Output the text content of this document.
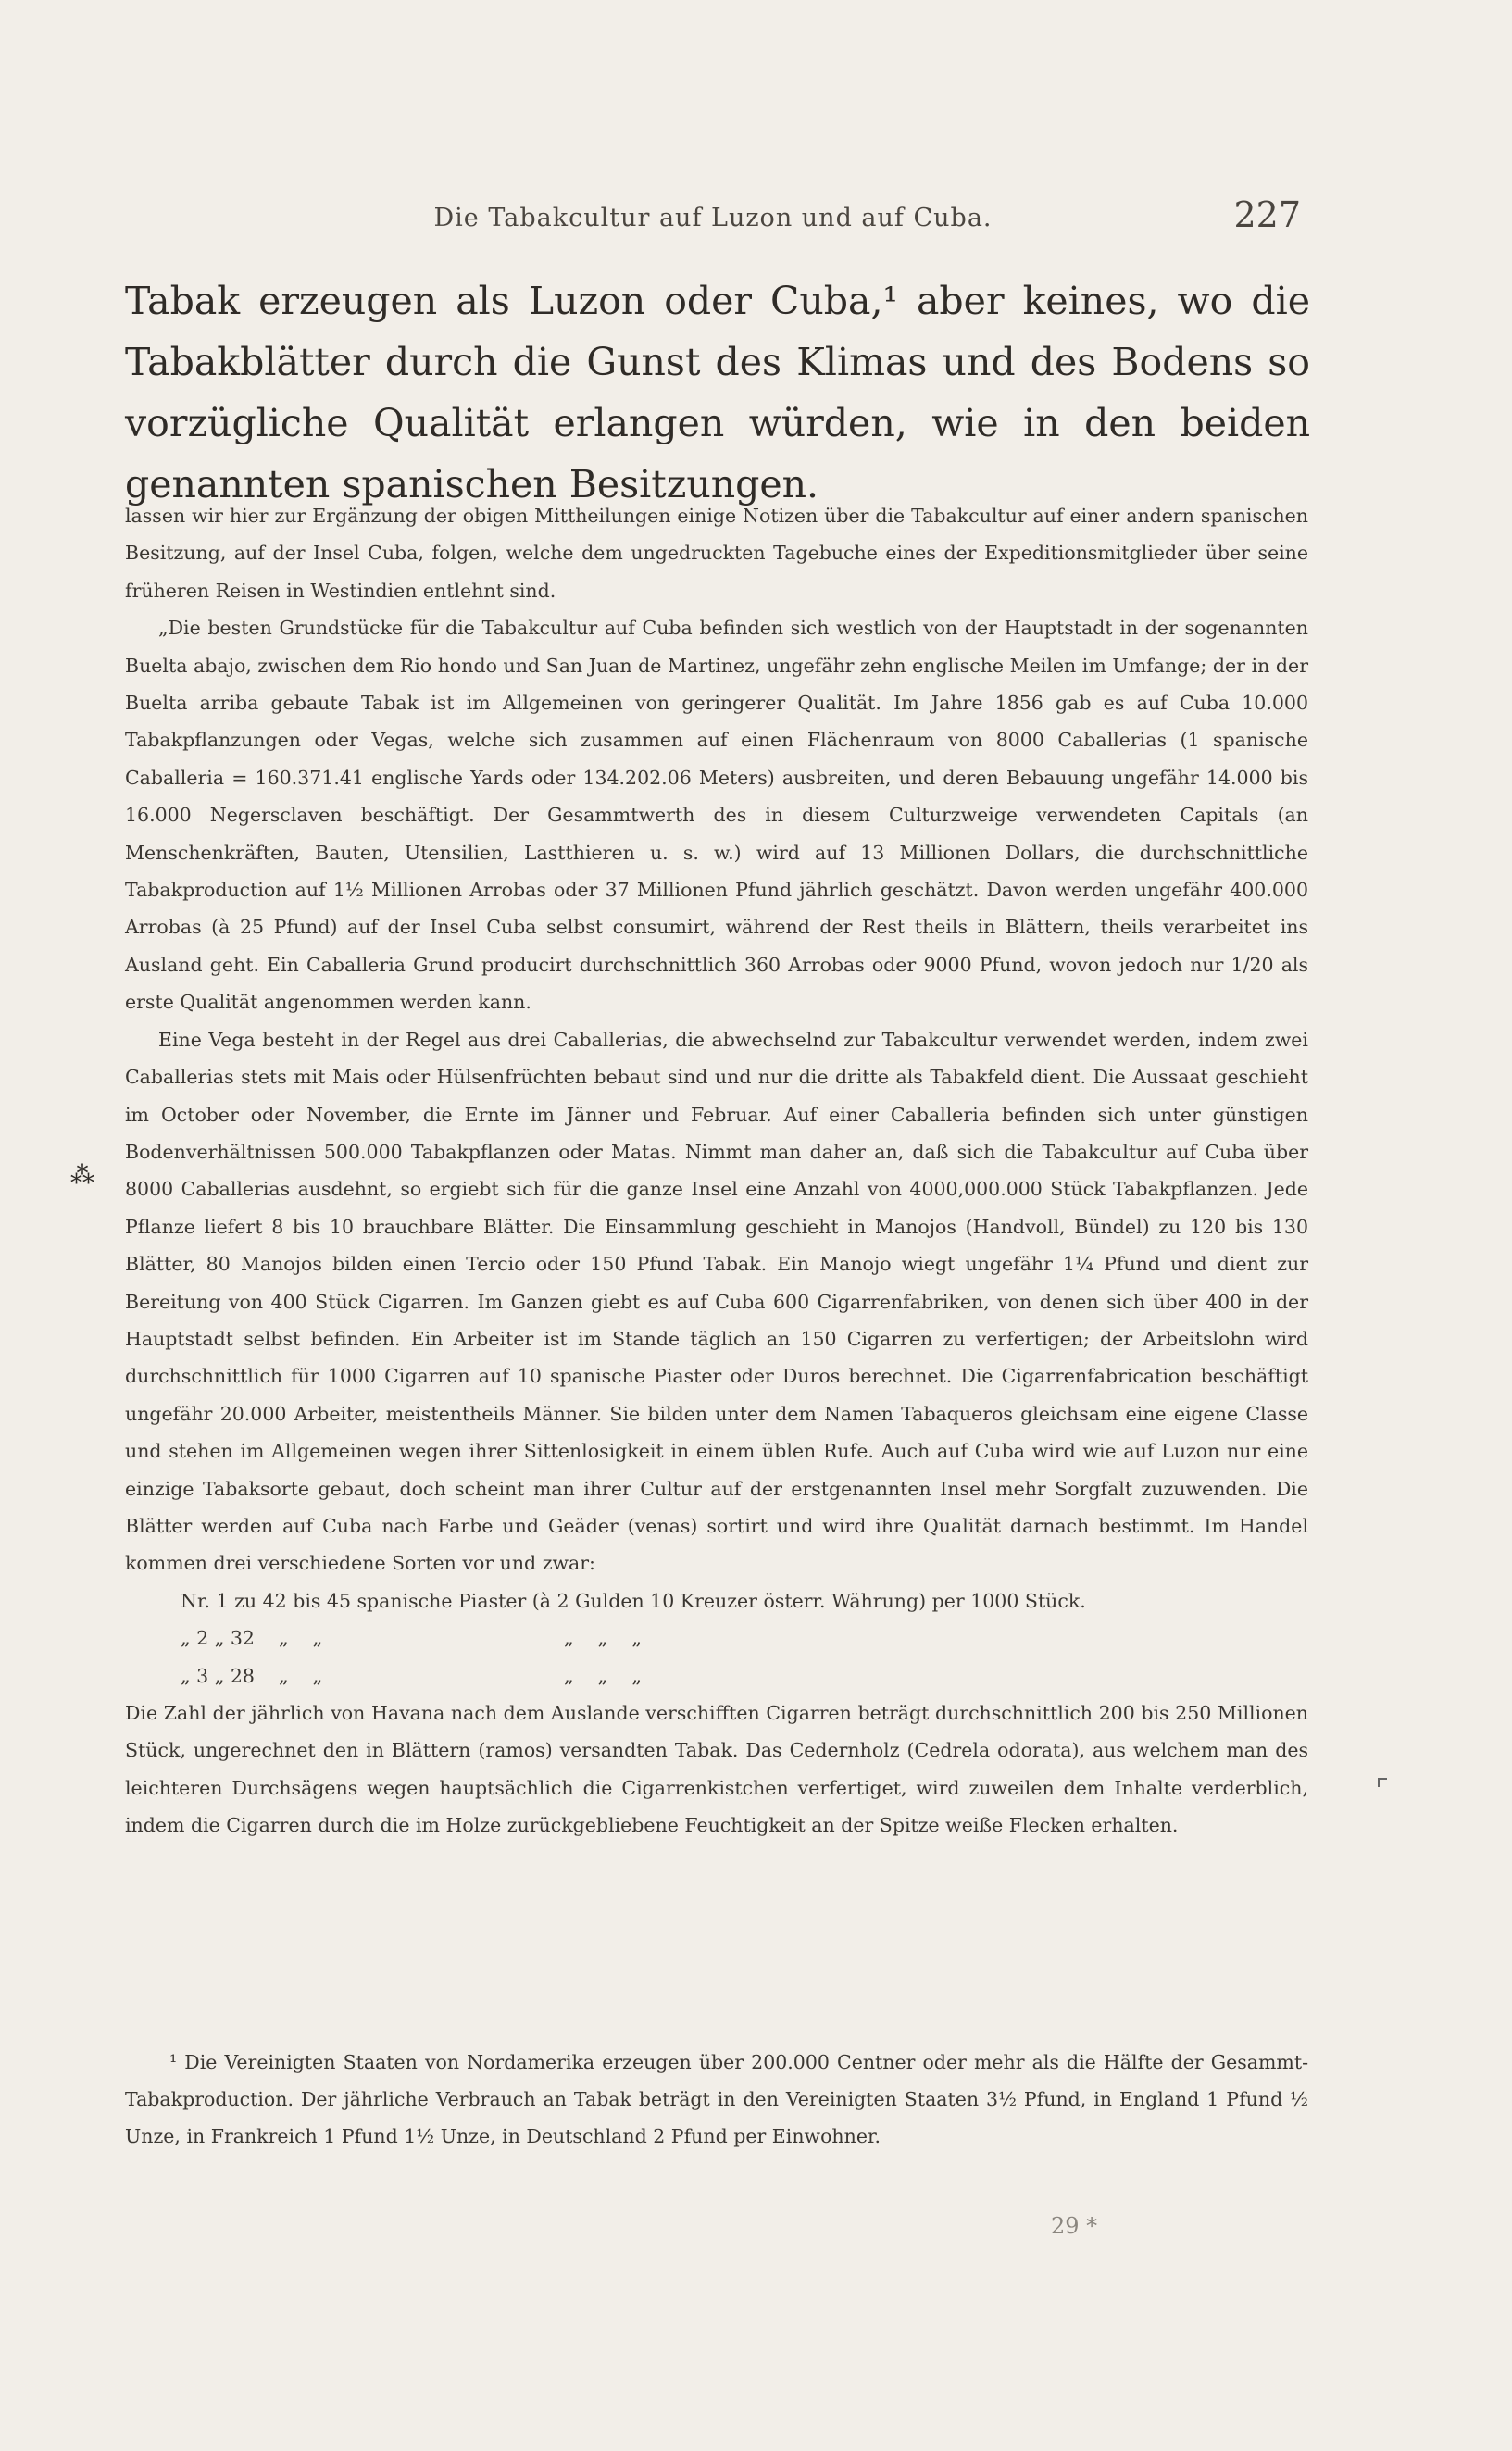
Die Tabakcultur auf Luzon und auf Cuba.	227
Tabak erzeugen als Luzon oder Cuba,¹ aber keines, wo die Tabakblätter durch die Gunst des Klimas und des Bodens so vorzügliche Qualität erlangen würden, wie in den beiden genannten spanischen Besitzungen.

lassen wir hier zur Ergänzung der obigen Mittheilungen einige Notizen über die Tabakcultur auf einer andern spanischen Besitzung, auf der Insel Cuba, folgen, welche dem ungedruckten Tagebuche eines der Expeditionsmitglieder über seine früheren Reisen in Westindien entlehnt sind.

„Die besten Grundstücke für die Tabakcultur auf Cuba befinden sich westlich von der Hauptstadt in der sogenannten Buelta abajo, zwischen dem Rio hondo und San Juan de Martinez, ungefähr zehn englische Meilen im Umfange; der in der Buelta arriba gebaute Tabak ist im Allgemeinen von geringerer Qualität. Im Jahre 1856 gab es auf Cuba 10.000 Tabakpflanzungen oder Vegas, welche sich zusammen auf einen Flächenraum von 8000 Caballerias (1 spanische Caballeria = 160.371.41 englische Yards oder 134.202.06 Meters) ausbreiten, und deren Bebauung ungefähr 14.000 bis 16.000 Negersclaven beschäftigt. Der Gesammtwerth des in diesem Culturzweige verwendeten Capitals (an Menschenkräften, Bauten, Utensilien, Lastthieren u. s. w.) wird auf 13 Millionen Dollars, die durchschnittliche Tabakproduction auf 1½ Millionen Arrobas oder 37 Millionen Pfund jährlich geschätzt. Davon werden ungefähr 400.000 Arrobas (à 25 Pfund) auf der Insel Cuba selbst consumirt, während der Rest theils in Blättern, theils verarbeitet ins Ausland geht. Ein Caballeria Grund producirt durchschnittlich 360 Arrobas oder 9000 Pfund, wovon jedoch nur 1/20 als erste Qualität angenommen werden kann.

Eine Vega besteht in der Regel aus drei Caballerias, die abwechselnd zur Tabakcultur verwendet werden, indem zwei Caballerias stets mit Mais oder Hülsenfrüchten bebaut sind und nur die dritte als Tabakfeld dient. Die Aussaat geschieht im October oder November, die Ernte im Jänner und Februar. Auf einer Caballeria befinden sich unter günstigen Bodenverhältnissen 500.000 Tabakpflanzen oder Matas. Nimmt man daher an, daß sich die Tabakcultur auf Cuba über 8000 Caballerias ausdehnt, so ergiebt sich für die ganze Insel eine Anzahl von 4000,000.000 Stück Tabakpflanzen. Jede Pflanze liefert 8 bis 10 brauchbare Blätter. Die Einsammlung geschieht in Manojos (Handvoll, Bündel) zu 120 bis 130 Blätter, 80 Manojos bilden einen Tercio oder 150 Pfund Tabak. Ein Manojo wiegt ungefähr 1¼ Pfund und dient zur Bereitung von 400 Stück Cigarren. Im Ganzen giebt es auf Cuba 600 Cigarrenfabriken, von denen sich über 400 in der Hauptstadt selbst befinden. Ein Arbeiter ist im Stande täglich an 150 Cigarren zu verfertigen; der Arbeitslohn wird durchschnittlich für 1000 Cigarren auf 10 spanische Piaster oder Duros berechnet. Die Cigarrenfabrication beschäftigt ungefähr 20.000 Arbeiter, meistentheils Männer. Sie bilden unter dem Namen Tabaqueros gleichsam eine eigene Classe und stehen im Allgemeinen wegen ihrer Sittenlosigkeit in einem üblen Rufe. Auch auf Cuba wird wie auf Luzon nur eine einzige Tabaksorte gebaut, doch scheint man ihrer Cultur auf der erstgenannten Insel mehr Sorgfalt zuzuwenden. Die Blätter werden auf Cuba nach Farbe und Geäder (venas) sortirt und wird ihre Qualität darnach bestimmt. Im Handel kommen drei verschiedene Sorten vor und zwar:

Nr. 1 zu 42 bis 45 spanische Piaster (à 2 Gulden 10 Kreuzer österr. Währung) per 1000 Stück.
„ 2 „ 32    „    „                                        „    „    „
„ 3 „ 28    „    „                                        „    „    „

Die Zahl der jährlich von Havana nach dem Auslande verschifften Cigarren beträgt durchschnittlich 200 bis 250 Millionen Stück, ungerechnet den in Blättern (ramos) versandten Tabak. Das Cedernholz (Cedrela odorata), aus welchem man des leichteren Durchsägens wegen hauptsächlich die Cigarrenkistchen verfertiget, wird zuweilen dem Inhalte verderblich, indem die Cigarren durch die im Holze zurückgebliebene Feuchtigkeit an der Spitze weiße Flecken erhalten.

¹ Die Vereinigten Staaten von Nordamerika erzeugen über 200.000 Centner oder mehr als die Hälfte der Gesammt-Tabakproduction. Der jährliche Verbrauch an Tabak beträgt in den Vereinigten Staaten 3½ Pfund, in England 1 Pfund ½ Unze, in Frankreich 1 Pfund 1½ Unze, in Deutschland 2 Pfund per Einwohner.
29 *
⁂
